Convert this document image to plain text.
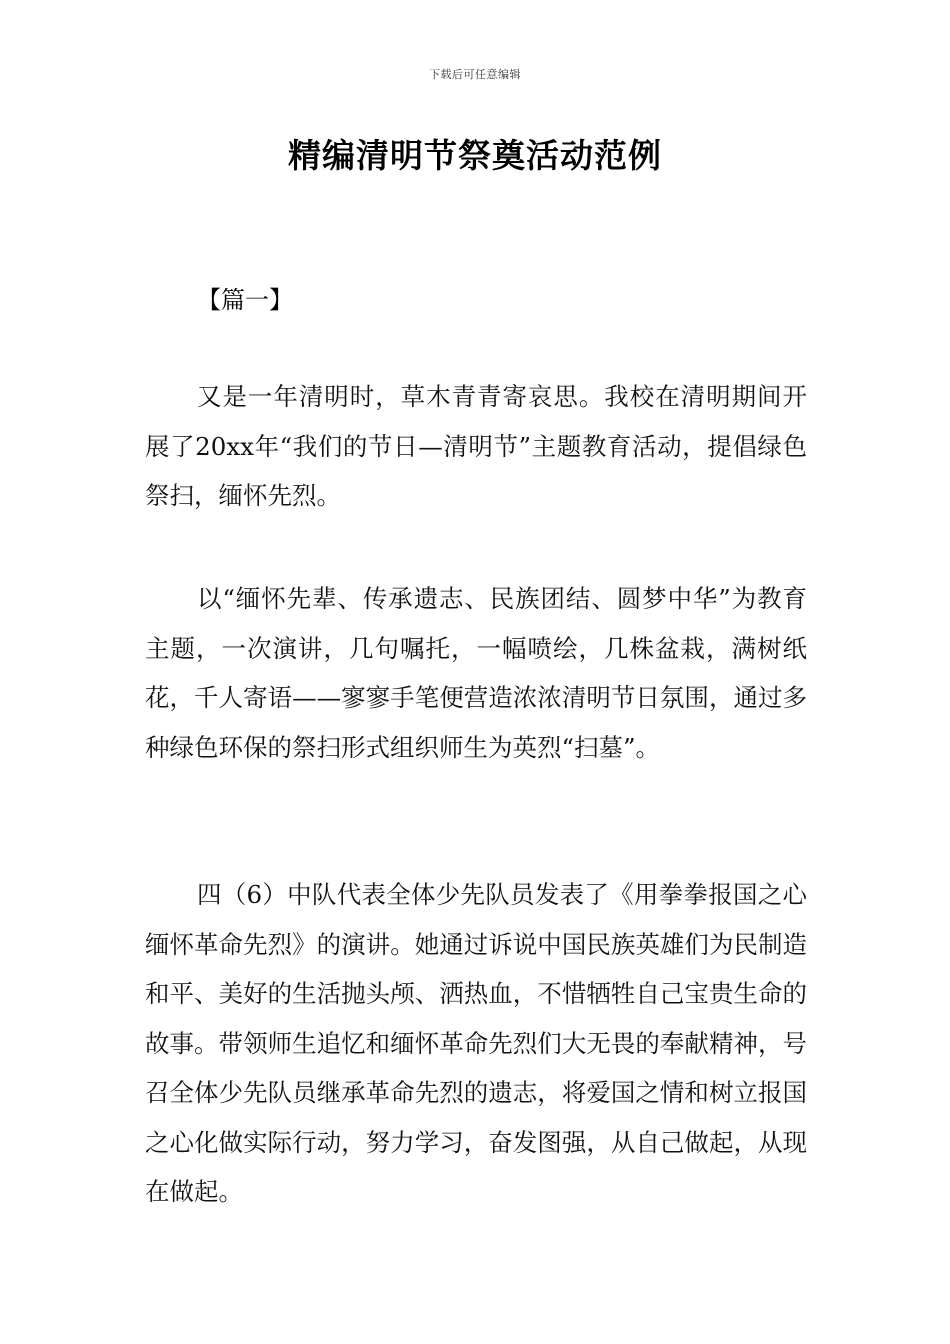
下载后可任意编辑
精编清明节祭奠活动范例
【篇一】

又是一年清明时，草木青青寄哀思。我校在清明期间开展了20xx年“我们的节日—清明节”主题教育活动，提倡绿色祭扫，缅怀先烈。

以“缅怀先辈、传承遗志、民族团结、圆梦中华”为教育主题，一次演讲，几句嘱托，一幅喷绘，几株盆栽，满树纸花，千人寄语——寥寥手笔便营造浓浓清明节日氛围，通过多种绿色环保的祭扫形式组织师生为英烈“扫墓”。

四（6）中队代表全体少先队员发表了《用拳拳报国之心缅怀革命先烈》的演讲。她通过诉说中国民族英雄们为民制造和平、美好的生活抛头颅、洒热血，不惜牺牲自己宝贵生命的故事。带领师生追忆和缅怀革命先烈们大无畏的奉献精神，号召全体少先队员继承革命先烈的遗志，将爱国之情和树立报国之心化做实际行动，努力学习，奋发图强，从自己做起，从现在做起。
